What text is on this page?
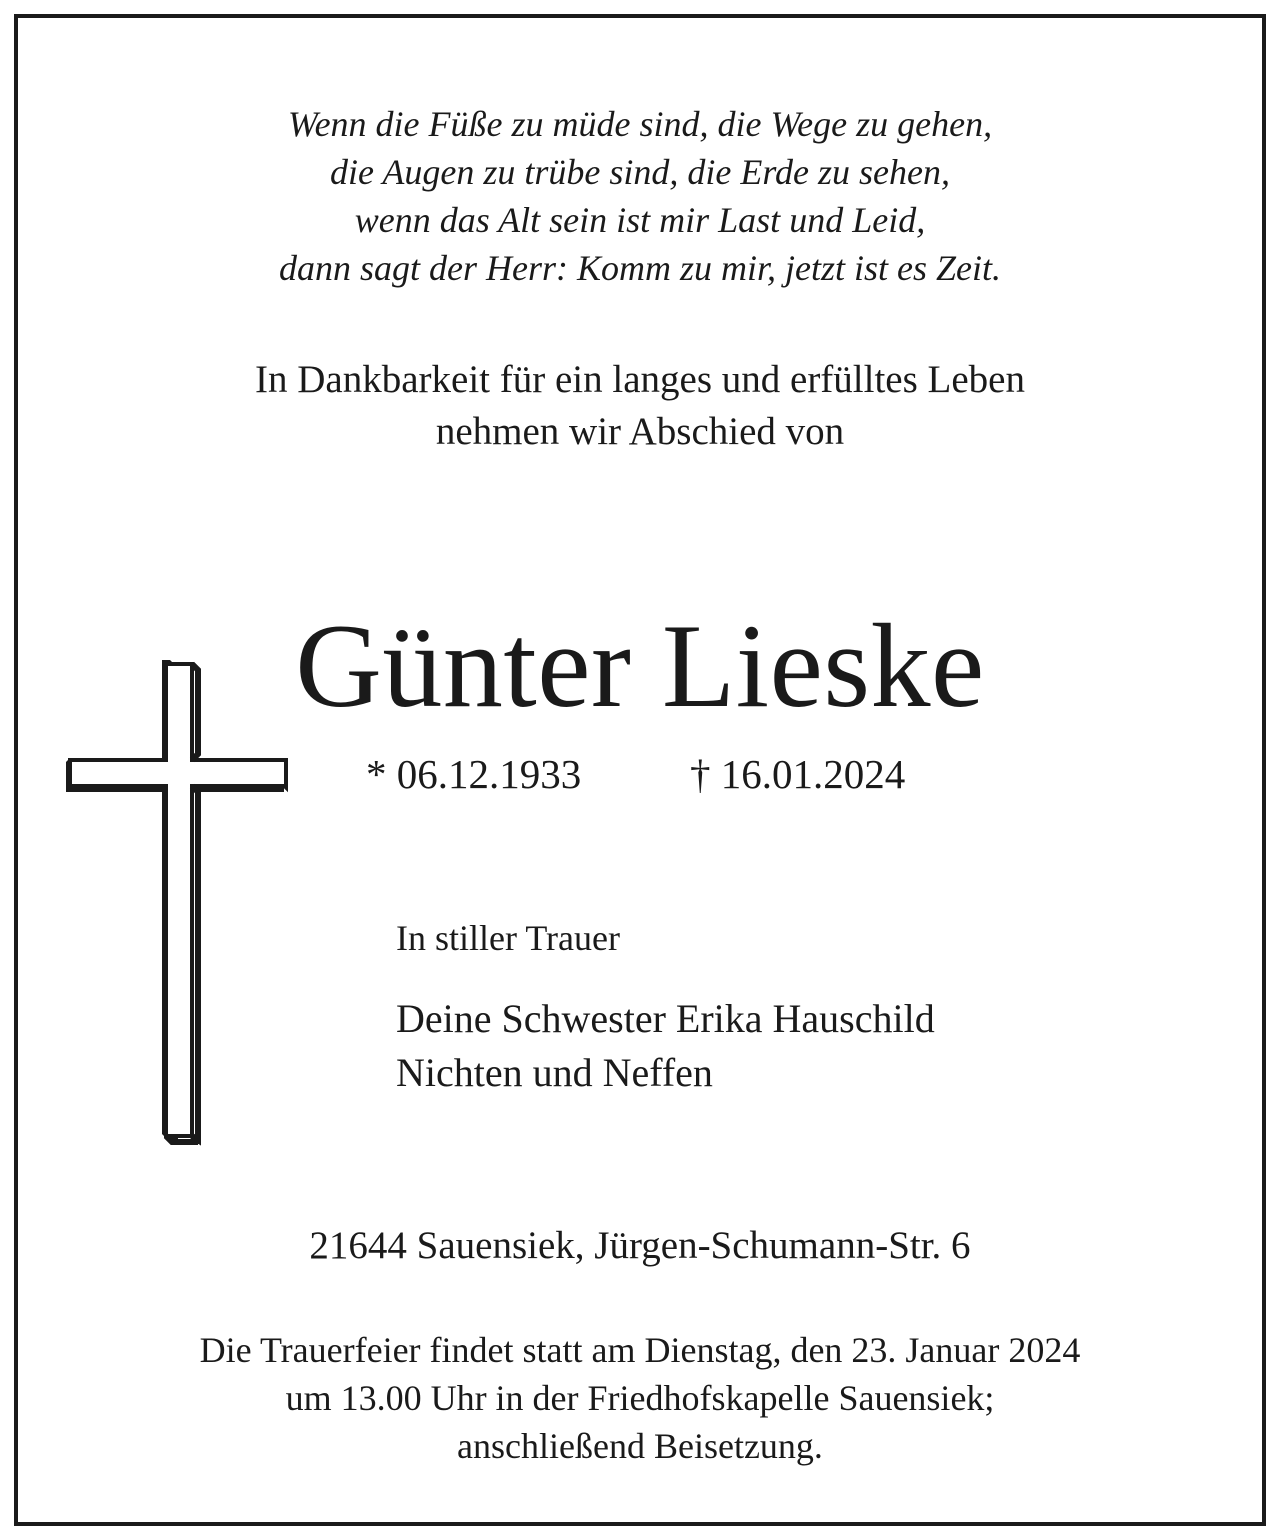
Wenn die Füße zu müde sind, die Wege zu gehen,
die Augen zu trübe sind, die Erde zu sehen,
wenn das Alt sein ist mir Last und Leid,
dann sagt der Herr: Komm zu mir, jetzt ist es Zeit.
In Dankbarkeit für ein langes und erfülltes Leben
nehmen wir Abschied von
Günter Lieske
* 06.12.1933	† 16.01.2024
In stiller Trauer
Deine Schwester Erika Hauschild
Nichten und Neffen
21644 Sauensiek, Jürgen-Schumann-Str. 6
Die Trauerfeier findet statt am Dienstag, den 23. Januar 2024
um 13.00 Uhr in der Friedhofskapelle Sauensiek;
anschließend Beisetzung.
